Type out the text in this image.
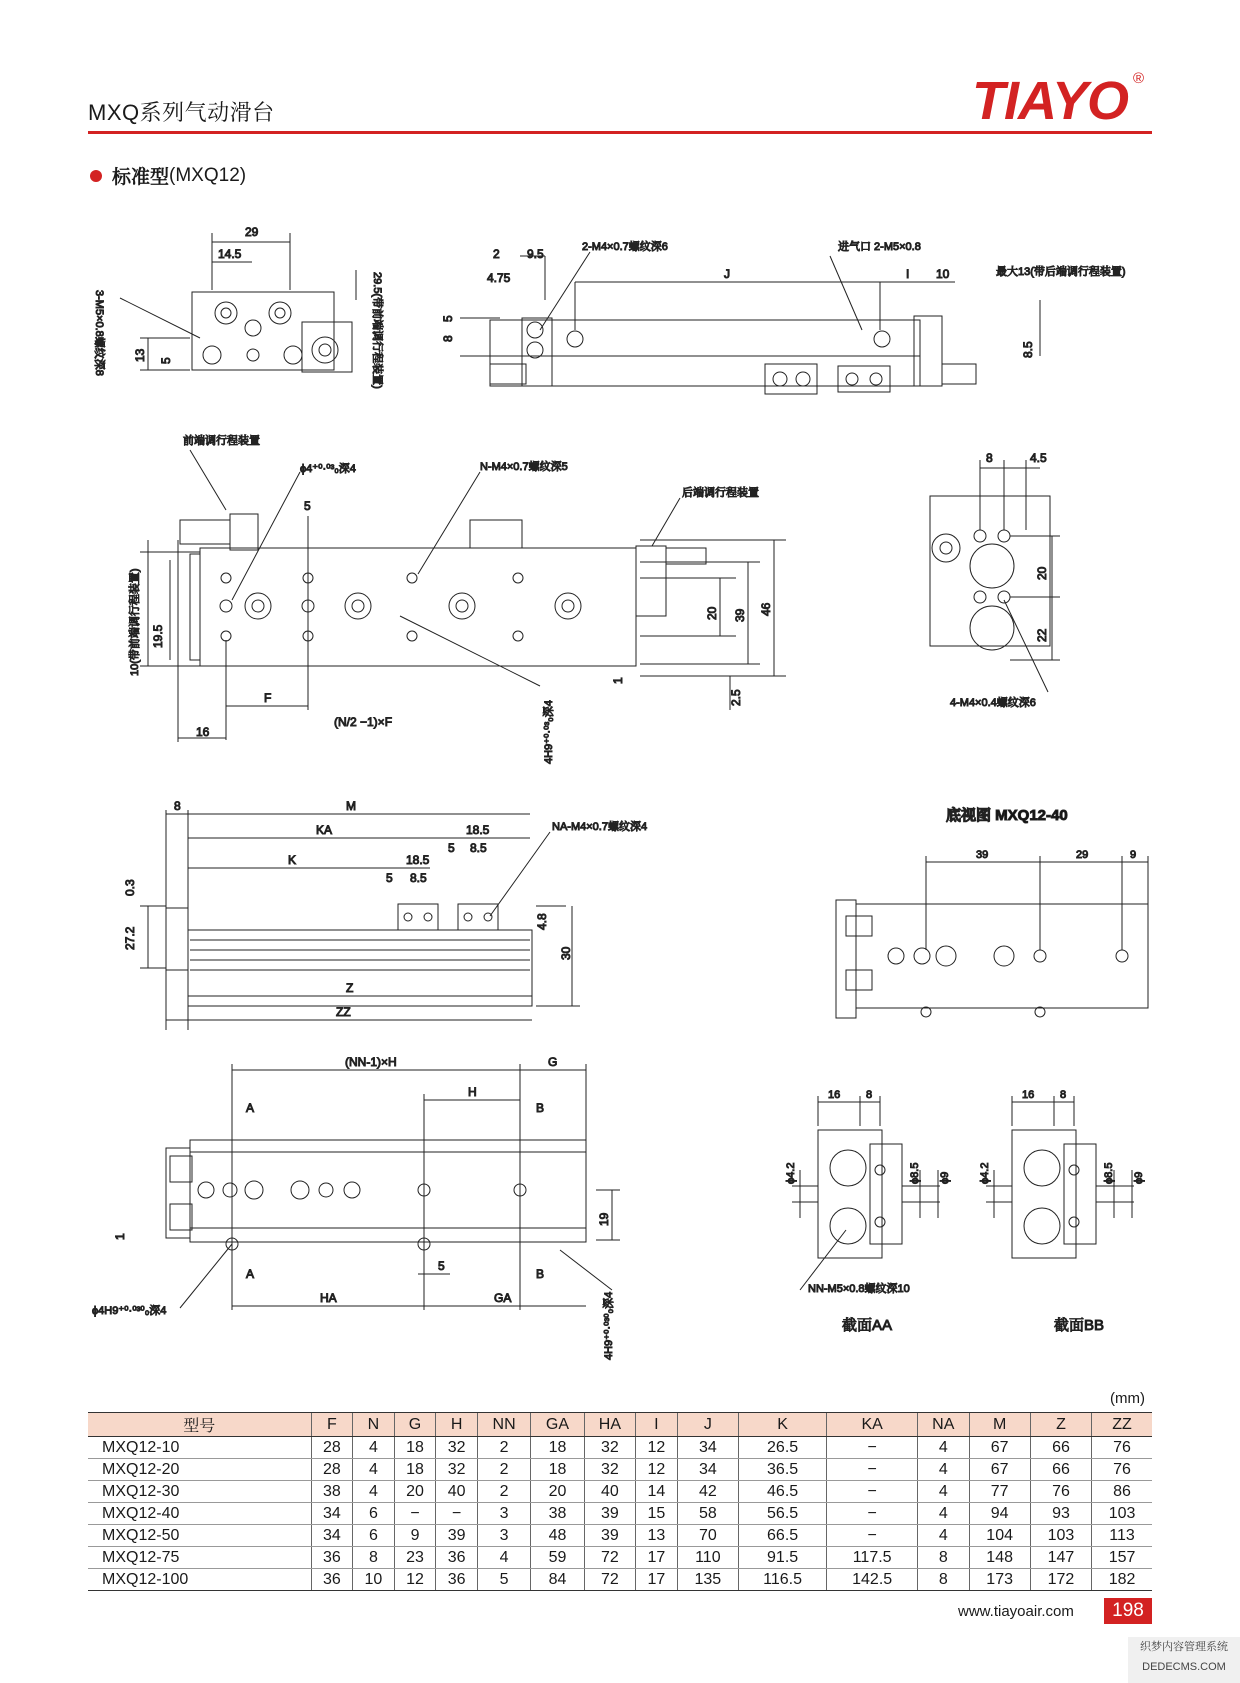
MXQ系列气动滑台	TIAYO ®
标准型 (MXQ12)
29
14.5
13 5
3-M5×0.8螺纹深8	29.5(带前端调行程装置)
2 9.5
4.75
8
5
J	I 10
8.5
2-M4×0.7螺纹深6	进气口 2-M5×0.8
最大13(带后端调行程装置)
前端调行程装置
ϕ4⁺⁰·⁰³₀深4	N-M4×0.7螺纹深5
后端调行程装置
5
20 39 46
19.5
F
16
2.5
1
10(带前端调行程装置)
(N/2 −1)×F	4H9⁺⁰·⁰³₀深4
8	4.5
20
22
4-M4×0.4螺纹深6
8	M
KA	18.5
5 8.5
K	18.5
5 8.5
0.3
27.2
4.8
30
Z
ZZ
NA-M4×0.7螺纹深4
底视图 MXQ12-40
39	29	9
(NN-1)×H	G
H
A	B
19
1
A
5
B
HA	GA
ϕ4H9⁺⁰·⁰³⁰₀深4	4H9⁺⁰·⁰³⁰₀深4
16 8
ϕ4.2	ϕ8.5 ϕ9
NN-M5×0.8螺纹深10
截面AA
16 8
ϕ4.2	ϕ8.5 ϕ9
截面BB
(mm)
型号	F	N	G	H	NN	GA	HA	I	J	K	KA	NA	M	Z	ZZ
MXQ12-10	28	4	18	32	2	18	32	12	34	26.5	−	4	67	66	76
MXQ12-20	28	4	18	32	2	18	32	12	34	36.5	−	4	67	66	76
MXQ12-30	38	4	20	40	2	20	40	14	42	46.5	−	4	77	76	86
MXQ12-40	34	6	−	−	3	38	39	15	58	56.5	−	4	94	93	103
MXQ12-50	34	6	9	39	3	48	39	13	70	66.5	−	4	104	103	113
MXQ12-75	36	8	23	36	4	59	72	17	110	91.5	117.5	8	148	147	157
MXQ12-100	36	10	12	36	5	84	72	17	135	116.5	142.5	8	173	172	182
www.tiayoair.com	198
织梦内容管理系统 DEDECMS.COM
